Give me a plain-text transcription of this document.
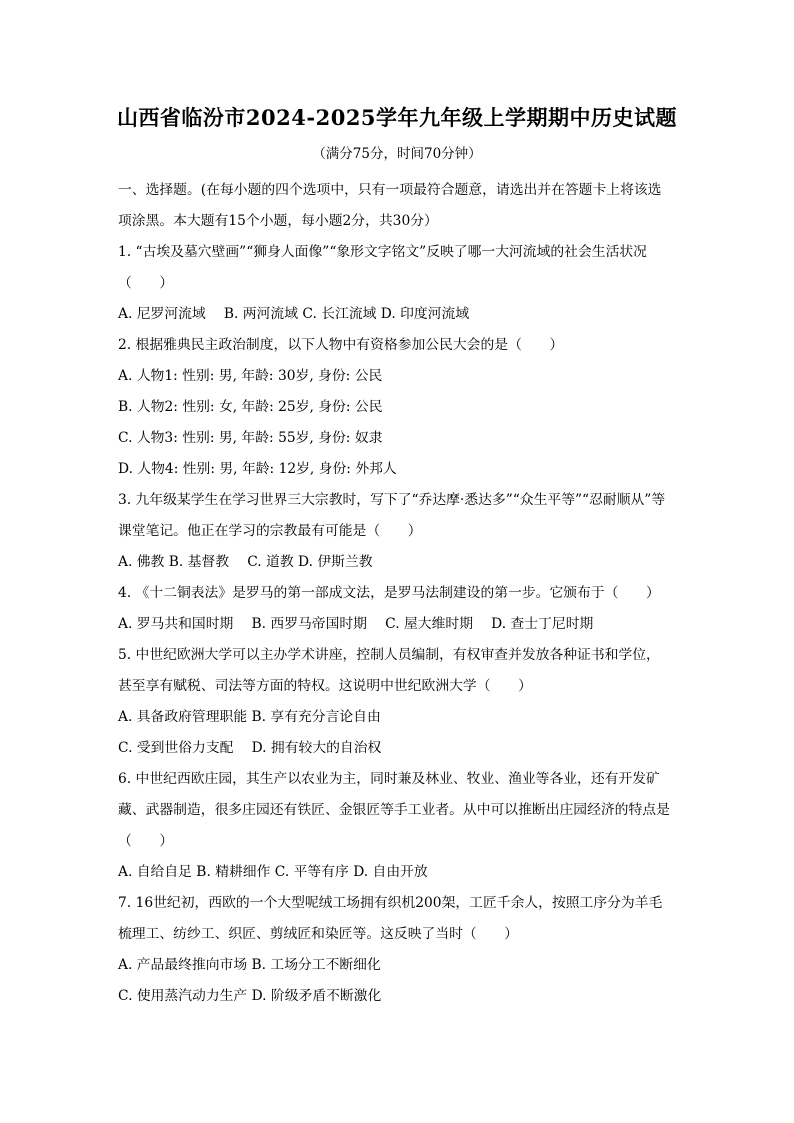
山西省临汾市2024-2025学年九年级上学期期中历史试题
（满分75分，时间70分钟）
一、选择题。(在每小题的四个选项中，只有一项最符合题意，请选出并在答题卡上将该选
项涂黑。本大题有15个小题，每小题2分，共30分）
1. “古埃及墓穴壁画”“狮身人面像”“象形文字铭文”反映了哪一大河流域的社会生活状况
（　　）
A. 尼罗河流域　 B. 两河流域 C. 长江流域 D. 印度河流域
2. 根据雅典民主政治制度，以下人物中有资格参加公民大会的是（　　）
A. 人物1: 性别: 男, 年龄: 30岁, 身份: 公民
B. 人物2: 性别: 女, 年龄: 25岁, 身份: 公民
C. 人物3: 性别: 男, 年龄: 55岁, 身份: 奴隶
D. 人物4: 性别: 男, 年龄: 12岁, 身份: 外邦人
3. 九年级某学生在学习世界三大宗教时，写下了“乔达摩·悉达多”“众生平等”“忍耐顺从”等
课堂笔记。他正在学习的宗教最有可能是（　　）
A. 佛教 B. 基督教　 C. 道教 D. 伊斯兰教
4. 《十二铜表法》是罗马的第一部成文法，是罗马法制建设的第一步。它颁布于（　　）
A. 罗马共和国时期　 B. 西罗马帝国时期　 C. 屋大维时期　 D. 查士丁尼时期
5. 中世纪欧洲大学可以主办学术讲座，控制人员编制，有权审查并发放各种证书和学位，
甚至享有赋税、司法等方面的特权。这说明中世纪欧洲大学（　　）
A. 具备政府管理职能 B. 享有充分言论自由
C. 受到世俗力支配　 D. 拥有较大的自治权
6. 中世纪西欧庄园，其生产以农业为主，同时兼及林业、牧业、渔业等各业，还有开发矿
藏、武器制造，很多庄园还有铁匠、金银匠等手工业者。从中可以推断出庄园经济的特点是
（　　）
A. 自给自足 B. 精耕细作 C. 平等有序 D. 自由开放
7. 16世纪初，西欧的一个大型呢绒工场拥有织机200架，工匠千余人，按照工序分为羊毛
梳理工、纺纱工、织匠、剪绒匠和染匠等。这反映了当时（　　）
A. 产品最终推向市场 B. 工场分工不断细化
C. 使用蒸汽动力生产 D. 阶级矛盾不断激化
